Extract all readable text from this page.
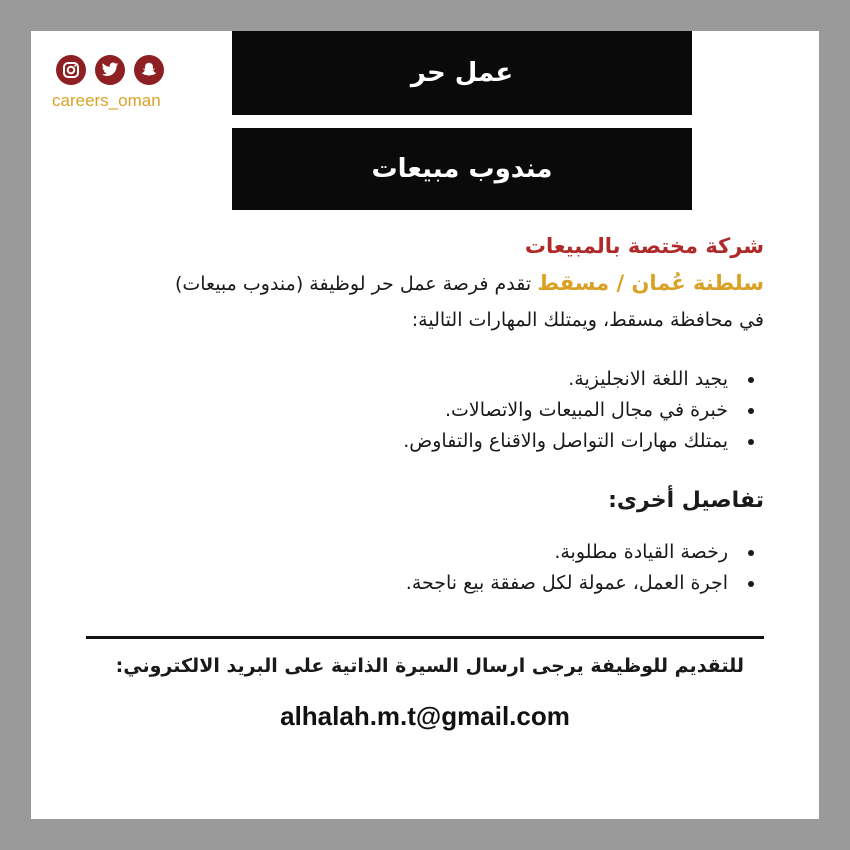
عمل حر
مندوب مبيعات
careers_oman
شركة مختصة بالمبيعات
سلطنة عُمان / مسقط تقدم فرصة عمل حر لوظيفة (مندوب مبيعات)
في محافظة مسقط، ويمتلك المهارات التالية:
• يجيد اللغة الانجليزية.
• خبرة في مجال المبيعات والاتصالات.
• يمتلك مهارات التواصل والاقناع والتفاوض.
تفاصيل أخرى:
• رخصة القيادة مطلوبة.
• اجرة العمل، عمولة لكل صفقة بيع ناجحة.
للتقديم للوظيفة يرجى ارسال السيرة الذاتية على البريد الالكتروني:
alhalah.m.t@gmail.com
